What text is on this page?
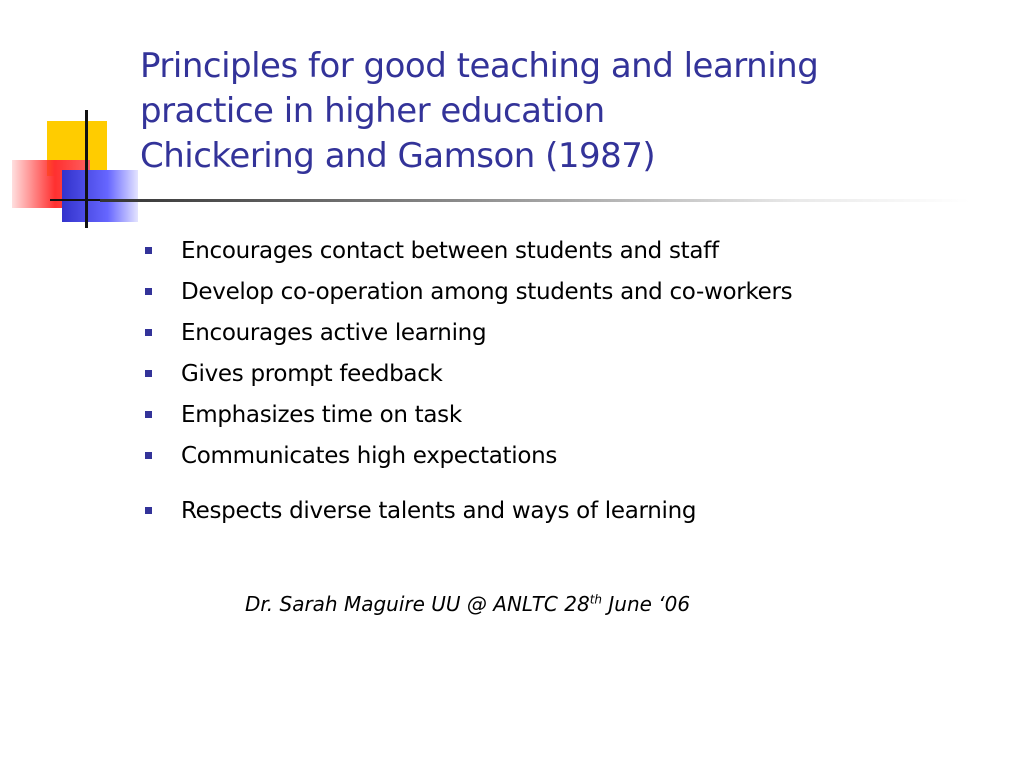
Principles for good teaching and learning
practice in higher education
Chickering and Gamson (1987)
Encourages contact between students and staff
Develop co-operation among students and co-workers
Encourages active learning
Gives prompt feedback
Emphasizes time on task
Communicates high expectations
Respects diverse talents and ways of learning
Dr. Sarah Maguire UU @ ANLTC 28th June ‘06
